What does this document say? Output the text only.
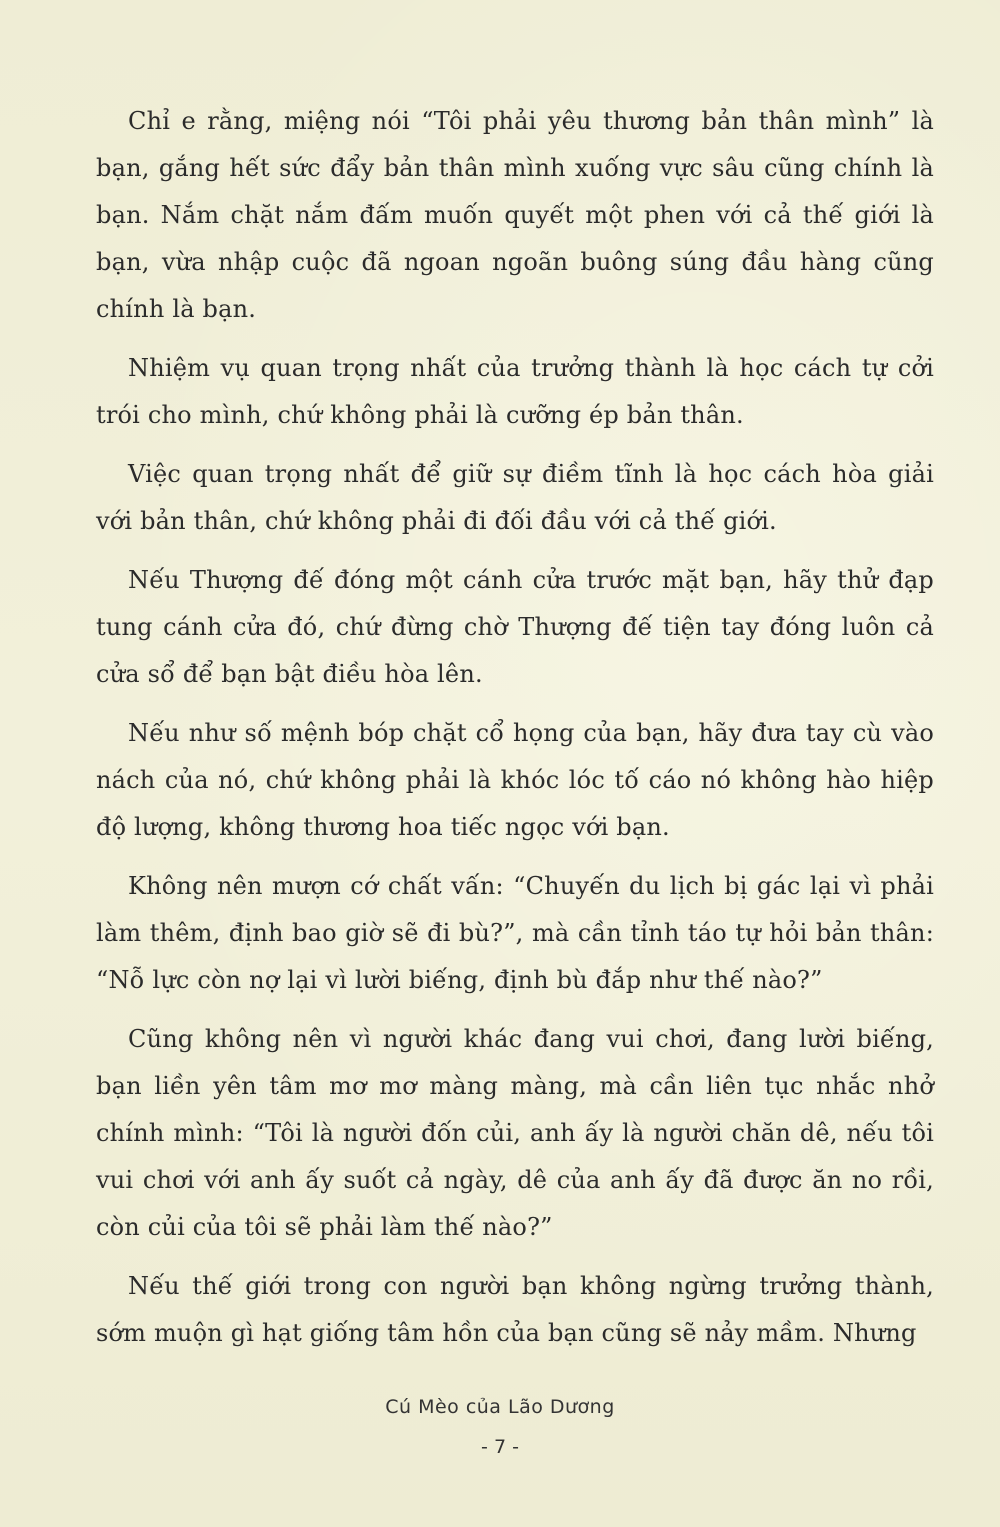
Chỉ e rằng, miệng nói “Tôi phải yêu thương bản thân mình” là bạn, gắng hết sức đẩy bản thân mình xuống vực sâu cũng chính là bạn. Nắm chặt nắm đấm muốn quyết một phen với cả thế giới là bạn, vừa nhập cuộc đã ngoan ngoãn buông súng đầu hàng cũng chính là bạn.

Nhiệm vụ quan trọng nhất của trưởng thành là học cách tự cởi trói cho mình, chứ không phải là cưỡng ép bản thân.

Việc quan trọng nhất để giữ sự điềm tĩnh là học cách hòa giải với bản thân, chứ không phải đi đối đầu với cả thế giới.

Nếu Thượng đế đóng một cánh cửa trước mặt bạn, hãy thử đạp tung cánh cửa đó, chứ đừng chờ Thượng đế tiện tay đóng luôn cả cửa sổ để bạn bật điều hòa lên.

Nếu như số mệnh bóp chặt cổ họng của bạn, hãy đưa tay cù vào nách của nó, chứ không phải là khóc lóc tố cáo nó không hào hiệp độ lượng, không thương hoa tiếc ngọc với bạn.

Không nên mượn cớ chất vấn: “Chuyến du lịch bị gác lại vì phải làm thêm, định bao giờ sẽ đi bù?”, mà cần tỉnh táo tự hỏi bản thân: “Nỗ lực còn nợ lại vì lười biếng, định bù đắp như thế nào?”

Cũng không nên vì người khác đang vui chơi, đang lười biếng, bạn liền yên tâm mơ mơ màng màng, mà cần liên tục nhắc nhở chính mình: “Tôi là người đốn củi, anh ấy là người chăn dê, nếu tôi vui chơi với anh ấy suốt cả ngày, dê của anh ấy đã được ăn no rồi, còn củi của tôi sẽ phải làm thế nào?”

Nếu thế giới trong con người bạn không ngừng trưởng thành, sớm muộn gì hạt giống tâm hồn của bạn cũng sẽ nảy mầm. Nhưng

Cú Mèo của Lão Dương
- 7 -
